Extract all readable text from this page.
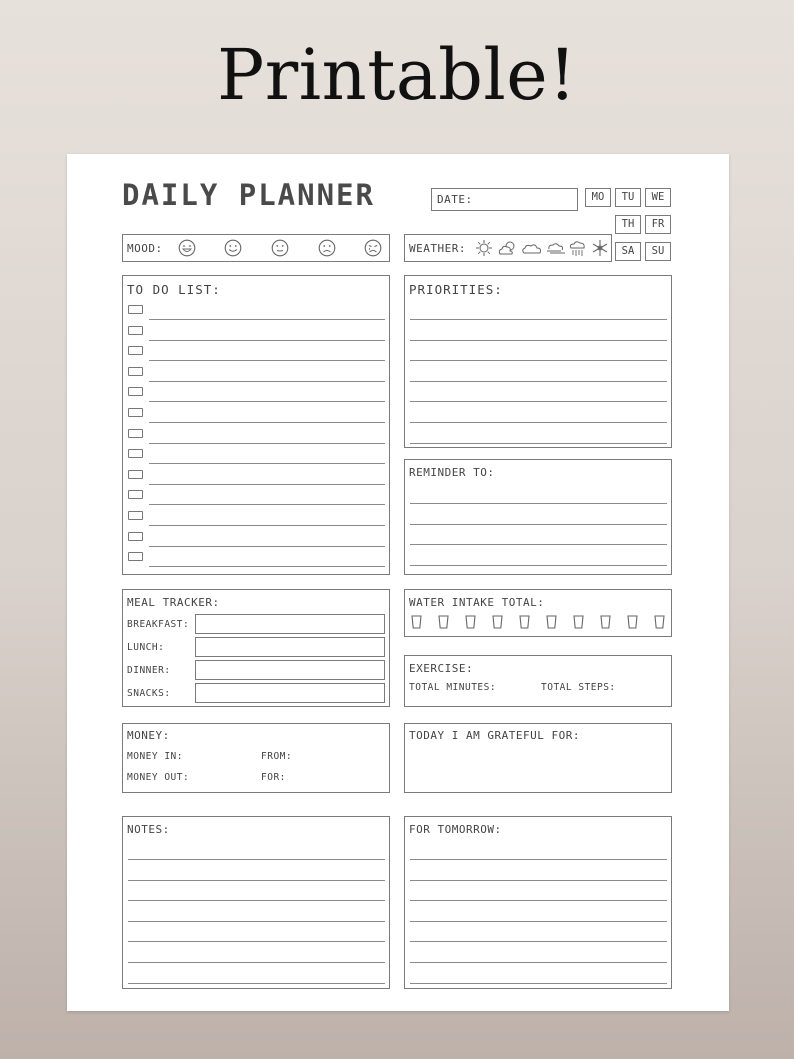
Printable!
DAILY PLANNER	DATE:	MO	TU	WE
TH	FR
SA	SU
MOOD:	WEATHER:
TO DO LIST:	PRIORITIES:
REMINDER TO:
MEAL TRACKER:
BREAKFAST:
LUNCH:
DINNER:
SNACKS:
WATER INTAKE TOTAL:
EXERCISE:
TOTAL MINUTES:	TOTAL STEPS:
MONEY:
MONEY IN:	FROM:
MONEY OUT:	FOR:
TODAY I AM GRATEFUL FOR:
NOTES:	FOR TOMORROW:
